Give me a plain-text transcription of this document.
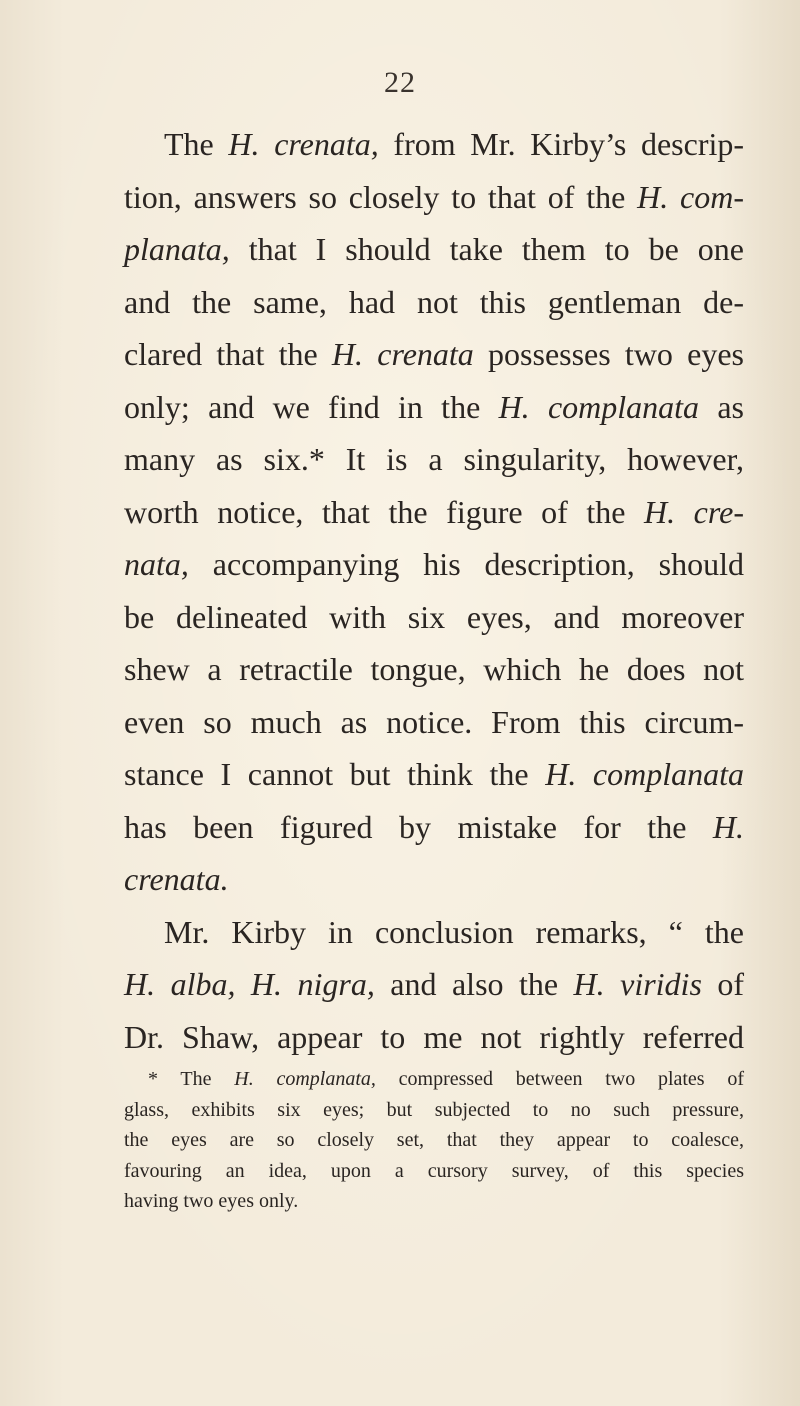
22
The H. crenata, from Mr. Kirby’s descrip-
tion, answers so closely to that of the H. com-
planata, that I should take them to be one
and the same, had not this gentleman de-
clared that the H. crenata possesses two eyes
only; and we find in the H. complanata as
many as six.* It is a singularity, however,
worth notice, that the figure of the H. cre-
nata, accompanying his description, should
be delineated with six eyes, and moreover
shew a retractile tongue, which he does not
even so much as notice. From this circum-
stance I cannot but think the H. complanata
has been figured by mistake for the H.
crenata.
Mr. Kirby in conclusion remarks, “ the
H. alba, H. nigra, and also the H. viridis of
Dr. Shaw, appear to me not rightly referred
* The H. complanata, compressed between two plates of
glass, exhibits six eyes; but subjected to no such pressure,
the eyes are so closely set, that they appear to coalesce,
favouring an idea, upon a cursory survey, of this species
having two eyes only.
